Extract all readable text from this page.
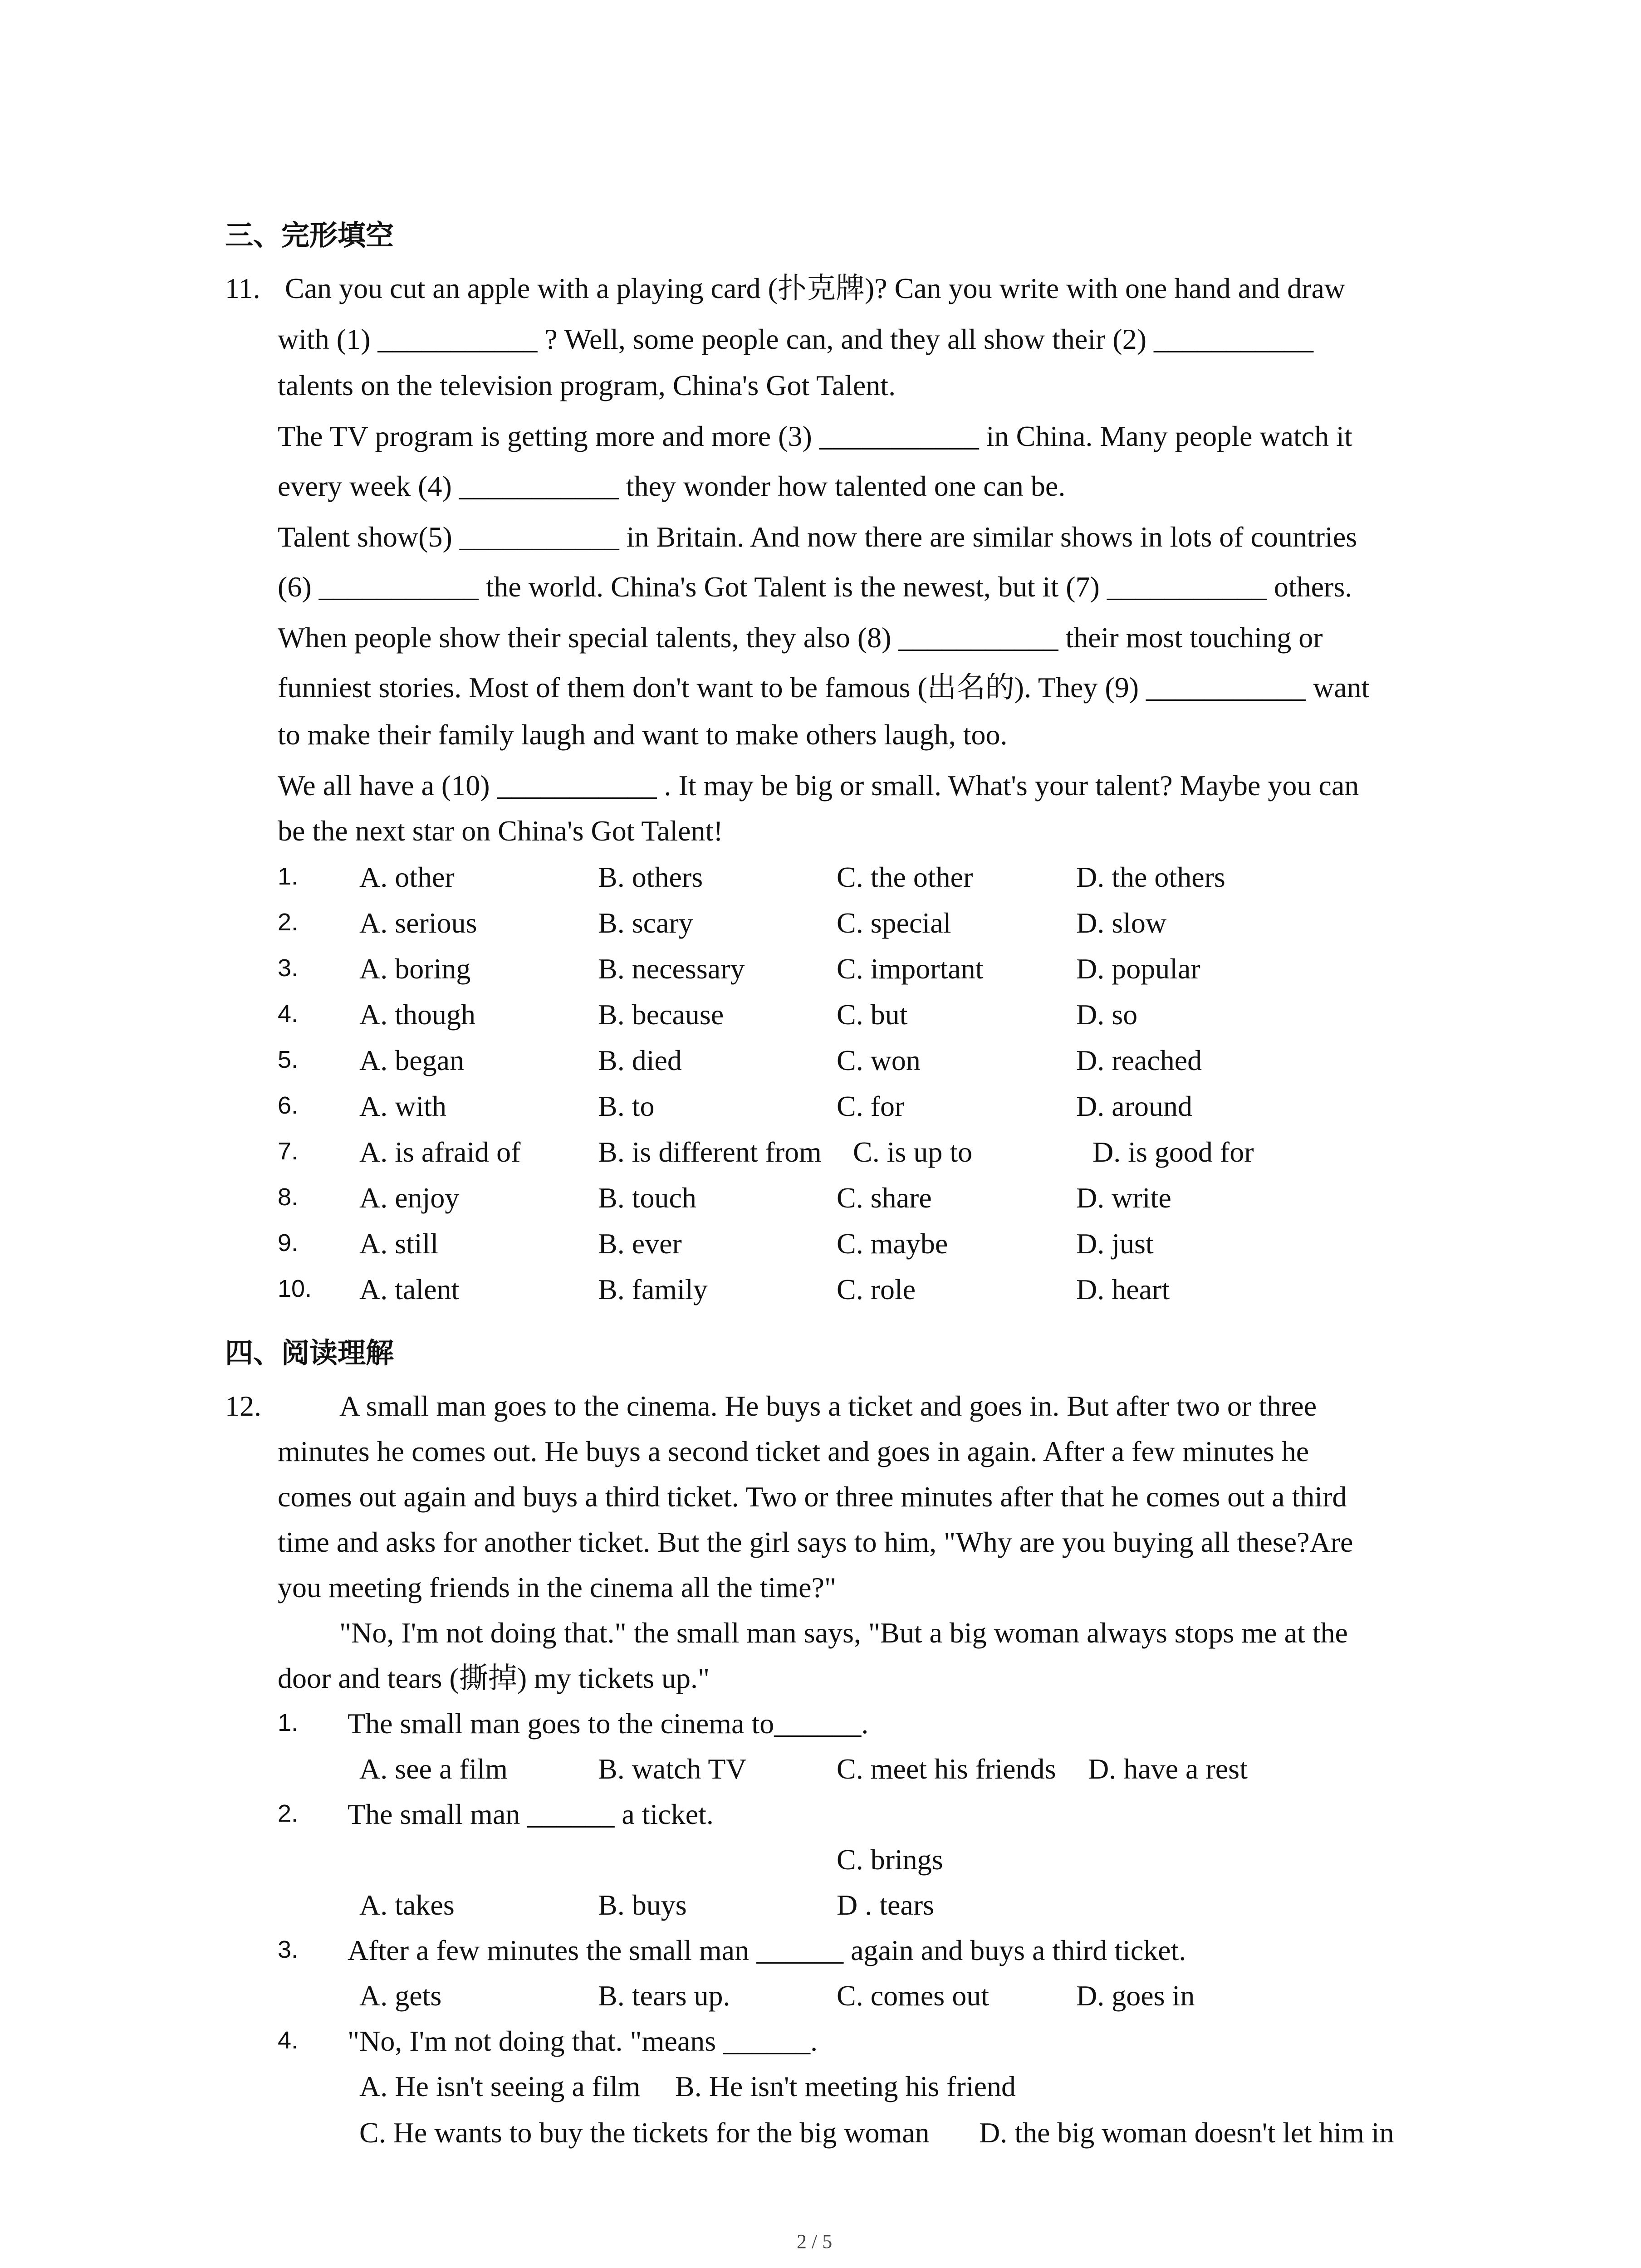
三、完形填空
11. Can you cut an apple with a playing card (扑克牌)? Can you write with one hand and draw
with (1) ___________ ? Well, some people can, and they all show their (2) ___________
talents on the television program, China's Got Talent.
The TV program is getting more and more (3) ___________ in China. Many people watch it
every week (4) ___________ they wonder how talented one can be.
Talent show(5) ___________ in Britain. And now there are similar shows in lots of countries
(6) ___________ the world. China's Got Talent is the newest, but it (7) ___________ others.
When people show their special talents, they also (8) ___________ their most touching or
funniest stories. Most of them don't want to be famous (出名的). They (9) ___________ want
to make their family laugh and want to make others laugh, too.
We all have a (10) ___________ . It may be big or small. What's your talent? Maybe you can
be the next star on China's Got Talent!
1. A. other	B. others	C. the other	D. the others
2. A. serious	B. scary	C. special	D. slow
3. A. boring	B. necessary	C. important	D. popular
4. A. though	B. because	C. but	D. so
5. A. began	B. died	C. won	D. reached
6. A. with	B. to	C. for	D. around
7. A. is afraid of	B. is different from C. is up to	D. is good for
8. A. enjoy	B. touch	C. share	D. write
9. A. still	B. ever	C. maybe	D. just
10. A. talent	B. family	C. role	D. heart
四、阅读理解
12.	A small man goes to the cinema. He buys a ticket and goes in. But after two or three
minutes he comes out. He buys a second ticket and goes in again. After a few minutes he
comes out again and buys a third ticket. Two or three minutes after that he comes out a third
time and asks for another ticket. But the girl says to him, "Why are you buying all these?Are
you meeting friends in the cinema all the time?"
"No, I'm not doing that." the small man says, "But a big woman always stops me at the
door and tears (撕掉) my tickets up."
1. The small man goes to the cinema to______.
A. see a film	B. watch TV	C. meet his friends D. have a rest
2. The small man ______ a ticket.
C. brings
A. takes	B. buys	D . tears
3. After a few minutes the small man ______ again and buys a third ticket.
A. gets	B. tears up.	C. comes out	D. goes in
4. "No, I'm not doing that. "means ______.
A. He isn't seeing a film B. He isn't meeting his friend
C. He wants to buy the tickets for the big woman D. the big woman doesn't let him in
2 / 5
